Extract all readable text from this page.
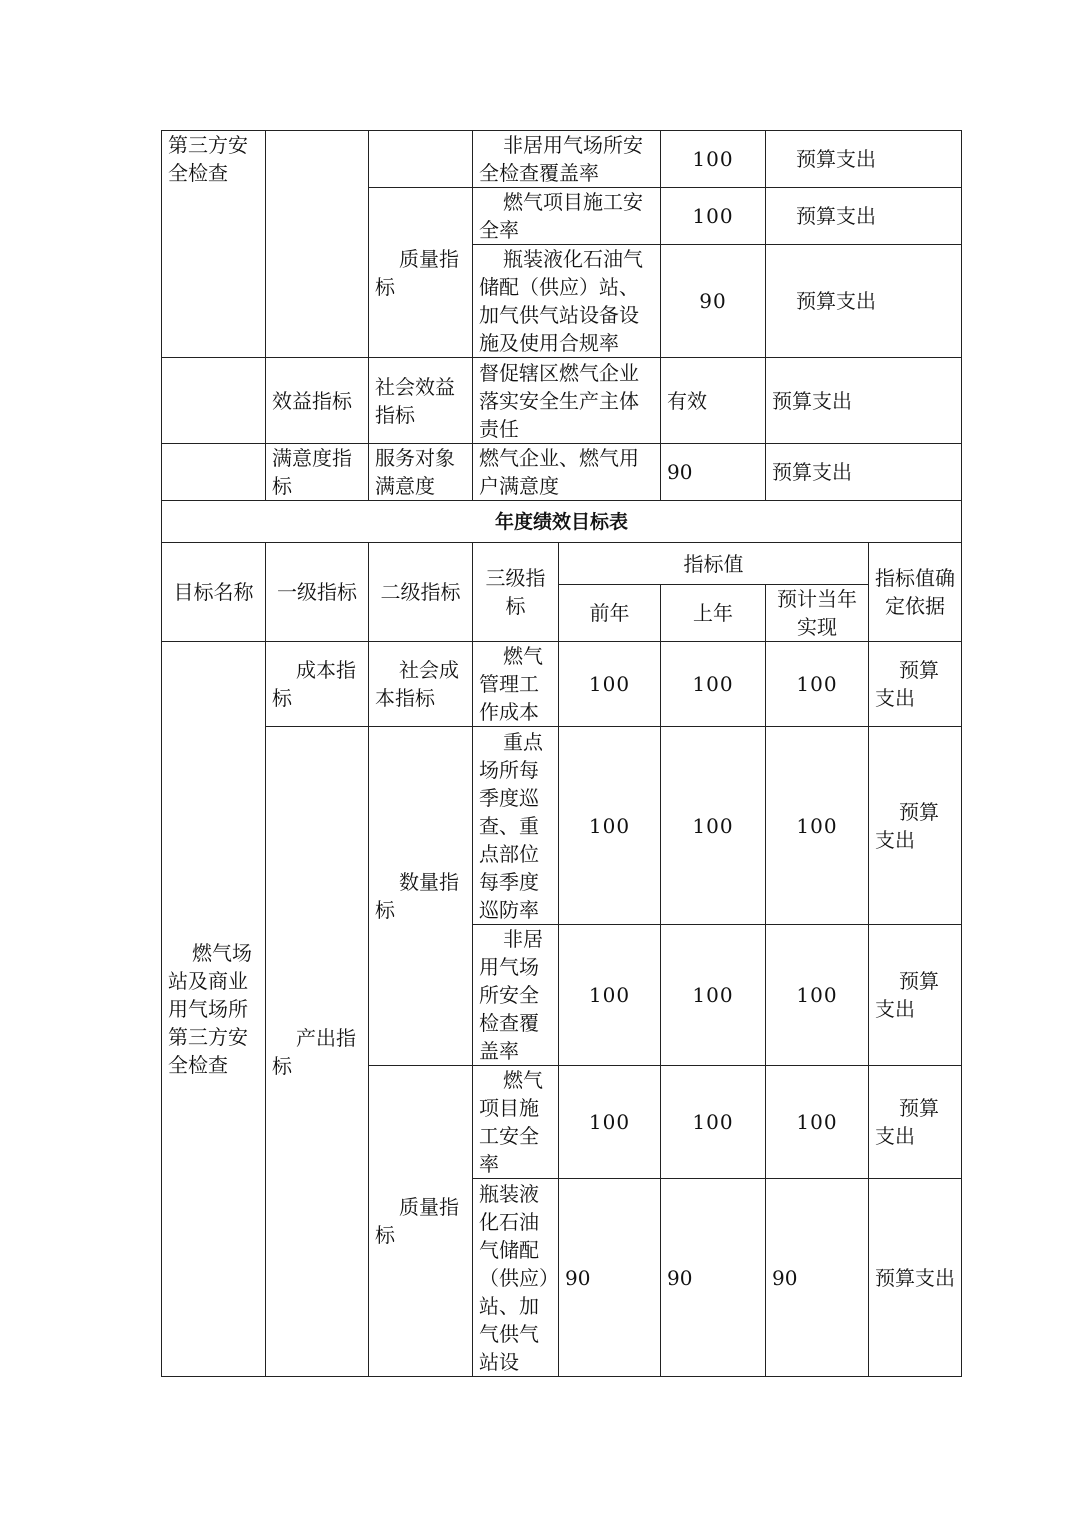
第三方安全检查			非居用气场所安全检查覆盖率	100	预算支出
		质量指标	燃气项目施工安全率	100	预算支出
			瓶装液化石油气储配（供应）站、加气供气站设备设施及使用合规率	90	预算支出
	效益指标	社会效益指标	督促辖区燃气企业落实安全生产主体责任	有效	预算支出
	满意度指标	服务对象满意度	燃气企业、燃气用户满意度	90	预算支出
年度绩效目标表					
目标名称	一级指标	二级指标	三级指标	指标值			指标值确定依据
				前年	上年	预计当年实现	
燃气场站及商业用气场所第三方安全检查	成本指标	社会成本指标	燃气管理工作成本	100	100	100	预算支出
	产出指标	数量指标	重点场所每季度巡查、重点部位每季度巡防率	100	100	100	预算支出
			非居用气场所安全检查覆盖率	100	100	100	预算支出
		质量指标	燃气项目施工安全率	100	100	100	预算支出
			瓶装液化石油气储配（供应）站、加气供气站设	90	90	90	预算支出
